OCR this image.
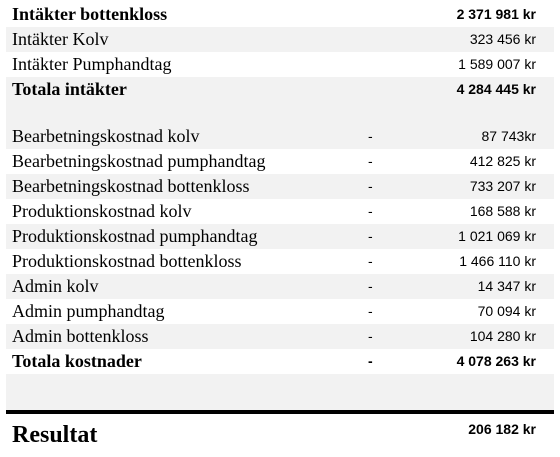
Intäkter bottenkloss	2 371 981 kr
Intäkter Kolv	323 456 kr
Intäkter Pumphandtag	1 589 007 kr
Totala intäkter	4 284 445 kr
Bearbetningskostnad kolv	-	87 743kr
Bearbetningskostnad pumphandtag	-	412 825 kr
Bearbetningskostnad bottenkloss	-	733 207 kr
Produktionskostnad kolv	-	168 588 kr
Produktionskostnad pumphandtag	-	1 021 069 kr
Produktionskostnad bottenkloss	-	1 466 110 kr
Admin kolv	-	14 347 kr
Admin pumphandtag	-	70 094 kr
Admin bottenkloss	-	104 280 kr
Totala kostnader	-	4 078 263 kr
Resultat	206 182 kr
